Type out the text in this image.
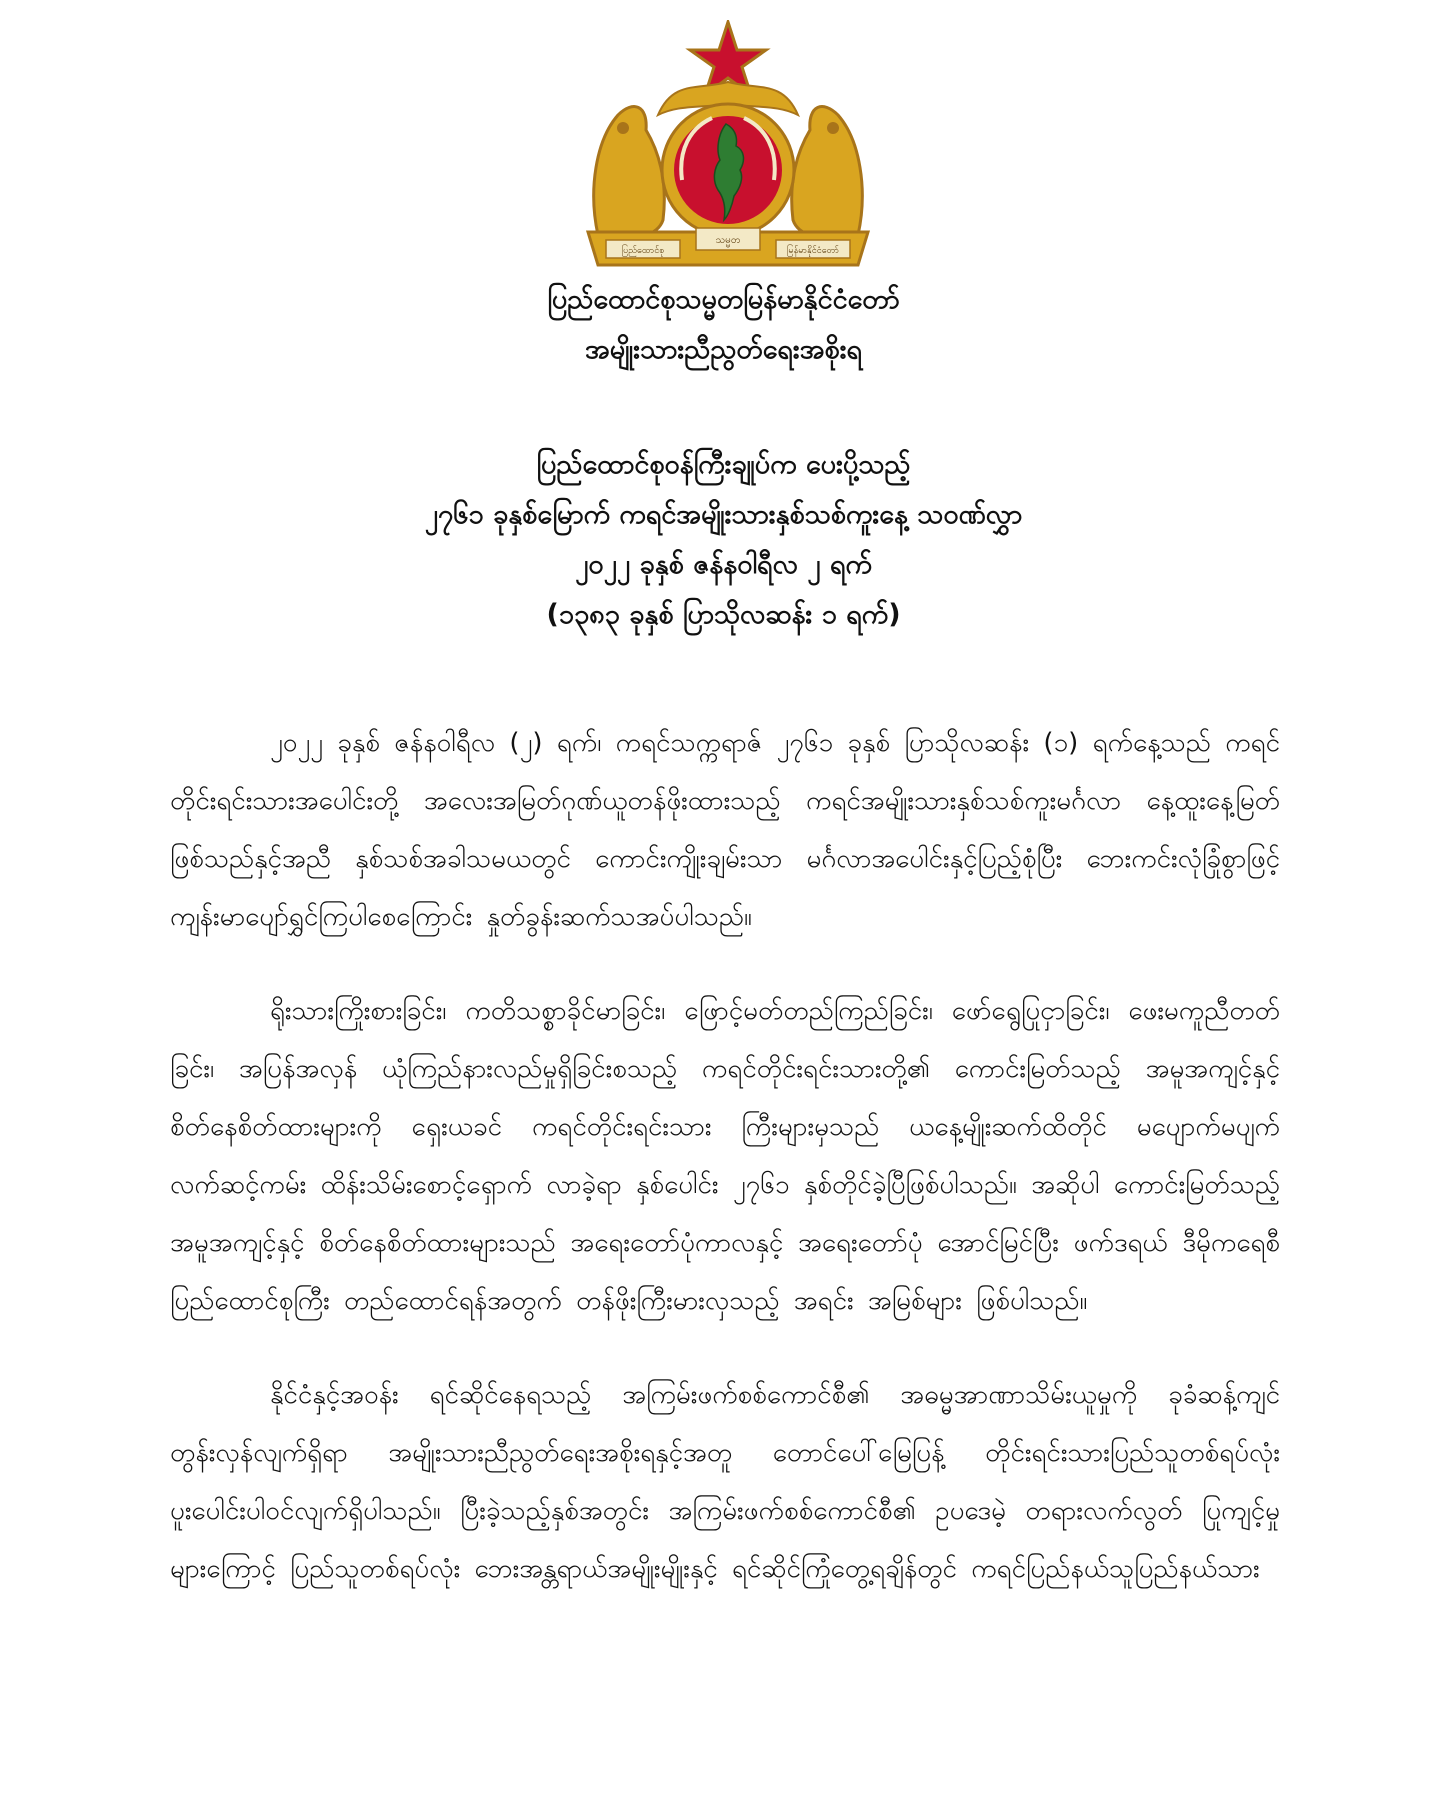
ပြည်ထောင်စု
သမ္မတ
မြန်မာနိုင်ငံတော်
ပြည်ထောင်စုသမ္မတမြန်မာနိုင်ငံတော်
အမျိုးသားညီညွတ်ရေးအစိုးရ
ပြည်ထောင်စုဝန်ကြီးချုပ်က ပေးပို့သည့်
၂၇၆၁ ခုနှစ်မြောက် ကရင်အမျိုးသားနှစ်သစ်ကူးနေ့ သဝဏ်လွှာ
၂၀၂၂ ခုနှစ် ဇန်နဝါရီလ ၂ ရက်
(၁၃၈၃ ခုနှစ် ပြာသိုလဆန်း ၁ ရက်)

၂၀၂၂ ခုနှစ် ဇန်နဝါရီလ (၂) ရက်၊ ကရင်သက္ကရာဇ် ၂၇၆၁ ခုနှစ် ပြာသိုလဆန်း (၁) ရက်နေ့သည် ကရင်တိုင်းရင်းသားအပေါင်းတို့ အလေးအမြတ်ဂုဏ်ယူတန်ဖိုးထားသည့် ကရင်အမျိုးသားနှစ်သစ်ကူးမင်္ဂလာ နေ့ထူးနေ့မြတ် ဖြစ်သည်နှင့်အညီ နှစ်သစ်အခါသမယတွင် ကောင်းကျိုးချမ်းသာ မင်္ဂလာအပေါင်းနှင့်ပြည့်စုံပြီး ဘေးကင်းလုံခြုံစွာဖြင့် ကျန်းမာပျော်ရွှင်ကြပါစေကြောင်း နှုတ်ခွန်းဆက်သအပ်ပါသည်။

ရိုးသားကြိုးစားခြင်း၊ ကတိသစ္စာခိုင်မာခြင်း၊ ဖြောင့်မတ်တည်ကြည်ခြင်း၊ ဖော်ရွေပြုငှာခြင်း၊ ဖေးမကူညီတတ်ခြင်း၊ အပြန်အလှန် ယုံကြည်နားလည်မှုရှိခြင်းစသည့် ကရင်တိုင်းရင်းသားတို့၏ ကောင်းမြတ်သည့် အမူအကျင့်နှင့် စိတ်နေစိတ်ထားများကို ရှေးယခင် ကရင်တိုင်းရင်းသား ကြီးများမှသည် ယနေ့မျိုးဆက်ထိတိုင် မပျောက်မပျက် လက်ဆင့်ကမ်း ထိန်းသိမ်းစောင့်ရှောက် လာခဲ့ရာ နှစ်ပေါင်း ၂၇၆၁ နှစ်တိုင်ခဲ့ပြီဖြစ်ပါသည်။ အဆိုပါ ကောင်းမြတ်သည့် အမူအကျင့်နှင့် စိတ်နေစိတ်ထားများသည် အရေးတော်ပုံကာလနှင့် အရေးတော်ပုံ အောင်မြင်ပြီး ဖက်ဒရယ် ဒီမိုကရေစီ ပြည်ထောင်စုကြီး တည်ထောင်ရန်အတွက် တန်ဖိုးကြီးမားလှသည့် အရင်း အမြစ်များ ဖြစ်ပါသည်။

နိုင်ငံနှင့်အဝန်း ရင်ဆိုင်နေရသည့် အကြမ်းဖက်စစ်ကောင်စီ၏ အဓမ္မအာဏာသိမ်းယူမှုကို ခုခံဆန့်ကျင် တွန်းလှန်လျက်ရှိရာ အမျိုးသားညီညွတ်ရေးအစိုးရနှင့်အတူ တောင်ပေါ်မြေပြန့် တိုင်းရင်းသားပြည်သူတစ်ရပ်လုံး ပူးပေါင်းပါဝင်လျက်ရှိပါသည်။ ပြီးခဲ့သည့်နှစ်အတွင်း အကြမ်းဖက်စစ်ကောင်စီ၏ ဥပဒေမဲ့ တရားလက်လွတ် ပြုကျင့်မှုများကြောင့် ပြည်သူတစ်ရပ်လုံး ဘေးအန္တရာယ်အမျိုးမျိုးနှင့် ရင်ဆိုင်ကြုံတွေ့ရချိန်တွင် ကရင်ပြည်နယ်သူပြည်နယ်သား
